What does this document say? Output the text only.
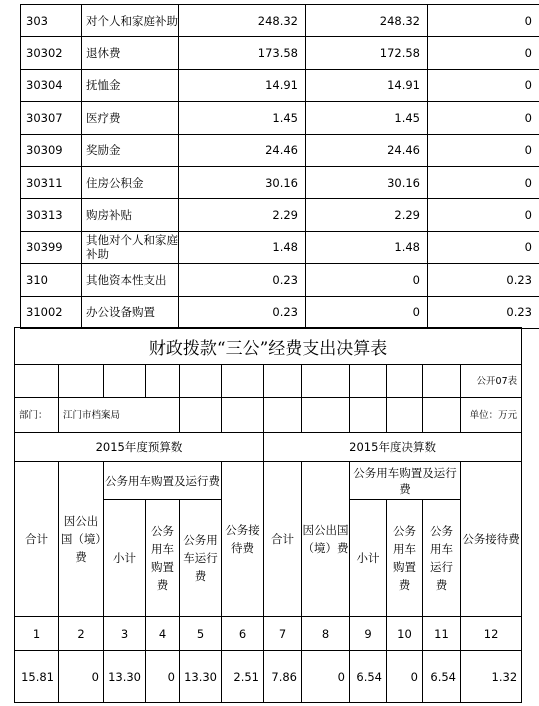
303	对个人和家庭补助	248.32	248.32	0
30302	退休费	173.58	172.58	0
30304	抚恤金	14.91	14.91	0
30307	医疗费	1.45	1.45	0
30309	奖励金	24.46	24.46	0
30311	住房公积金	30.16	30.16	0
30313	购房补贴	2.29	2.29	0
30399	其他对个人和家庭补助	1.48	1.48	0
310	其他资本性支出	0.23	0	0.23
31002	办公设备购置	0.23	0	0.23
财政拨款“三公”经费支出决算表											
											公开07表
部门：	江门市档案局										单位：万元
2015年度预算数						2015年度决算数					
合计	因公出国（境）费	公务用车购置及运行费			公务接待费	合计	因公出国（境）费	公务用车购置及运行费			公务接待费
		小计	公务用车购置费	公务用车运行费				小计	公务用车购置费	公务用车运行费	
1	2	3	4	5	6	7	8	9	10	11	12
15.81	0	13.30	0	13.30	2.51	7.86	0	6.54	0	6.54	1.32
